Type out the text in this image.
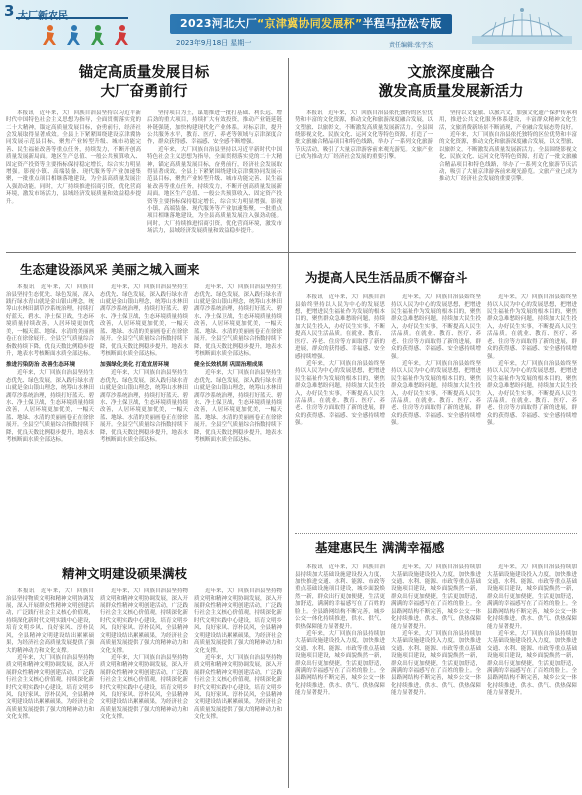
3
2023河北大厂“京津冀协同发展杯”半程马拉松专版
2023年9月18日 星期一	责任编辑:张宇杰
锚定高质量发展目标
大厂奋勇前行
本报讯　 近年来，大厂回族自治县坚持以习近平新时代中国特色社会主义思想为指导，全面贯彻落实党的二十大精神，锚定高质量发展目标，奋勇前行，经济社会发展取得显著成效。全县上下紧紧围绕建设京津冀协同发展示范县目标，聚焦产业转型升级、城市功能完善、民生福祉改善等重点任务，持续发力，不断开创高质量发展新局面。地区生产总值、一般公共预算收入、固定资产投资等主要指标保持稳定增长，综合实力明显增强。影视小镇、高端装备、现代服务等产业加速集聚，一批重点项目相继落地建设，为全县高质量发展注入强劲动能。同时，大厂持续推进招商引资，优化营商环境，激发市场活力，县域经济发展质量和效益稳步提升。
坚持项目为王，谋划推进一批打基础、利长远、增后劲的重大项目，持续扩大有效投资，推动产业链延链补链强链，加快构建现代化产业体系。对标京津，提升公共服务水平，教育、医疗、养老等领域与京津深度合作，群众获得感、幸福感、安全感不断增强。
近年来，大厂回族自治县坚持以习近平新时代中国特色社会主义思想为指导，全面贯彻落实党的二十大精神，锚定高质量发展目标，奋勇前行，经济社会发展取得显著成效。全县上下紧紧围绕建设京津冀协同发展示范县目标，聚焦产业转型升级、城市功能完善、民生福祉改善等重点任务，持续发力，不断开创高质量发展新局面。地区生产总值、一般公共预算收入、固定资产投资等主要指标保持稳定增长，综合实力明显增强。影视小镇、高端装备、现代服务等产业加速集聚，一批重点项目相继落地建设，为全县高质量发展注入强劲动能。同时，大厂持续推进招商引资，优化营商环境，激发市场活力，县域经济发展质量和效益稳步提升。
文旅深度融合
激发高质量发展新活力
本报讯　 近年来，大厂回族自治县依托独特的区位优势和丰富的文化资源，推动文化和旅游深度融合发展，以文塑旅、以旅彰文，不断激发高质量发展新活力。全县围绕影视文化、民族文化、运河文化等特色资源，打造了一批文旅融合精品项目和特色线路，举办了一系列文化旅游节庆活动，吸引了大量京津游客前来观光游览。文旅产业已成为推动大厂经济社会发展的重要引擎。
坚持以文促旅、以旅兴文，加强文化遗产保护传承利用，推进公共文化服务体系建设，丰富群众精神文化生活，文旅消费新场景不断涌现，产业融合发展态势良好。
近年来，大厂回族自治县依托独特的区位优势和丰富的文化资源，推动文化和旅游深度融合发展，以文塑旅、以旅彰文，不断激发高质量发展新活力。全县围绕影视文化、民族文化、运河文化等特色资源，打造了一批文旅融合精品项目和特色线路，举办了一系列文化旅游节庆活动，吸引了大量京津游客前来观光游览。文旅产业已成为推动大厂经济社会发展的重要引擎。
生态建设添风采 美丽之城入画来
本报讯　 近年来，大厂回族自治县坚持生态优先、绿色发展，深入践行绿水青山就是金山银山理念，统筹山水林田湖草沙系统治理，持续打好蓝天、碧水、净土保卫战，生态环境质量持续改善，人居环境更加优美，一幅天蓝、地绿、水清的美丽画卷正在徐徐展开。全县空气质量综合指数持续下降，优良天数比例稳步提升，地表水考核断面水质全部达标。
推进污染防治 改善生态环境
近年来，大厂回族自治县坚持生态优先、绿色发展，深入践行绿水青山就是金山银山理念，统筹山水林田湖草沙系统治理，持续打好蓝天、碧水、净土保卫战，生态环境质量持续改善，人居环境更加优美，一幅天蓝、地绿、水清的美丽画卷正在徐徐展开。全县空气质量综合指数持续下降，优良天数比例稳步提升，地表水考核断面水质全部达标。
近年来，大厂回族自治县坚持生态优先、绿色发展，深入践行绿水青山就是金山银山理念，统筹山水林田湖草沙系统治理，持续打好蓝天、碧水、净土保卫战，生态环境质量持续改善，人居环境更加优美，一幅天蓝、地绿、水清的美丽画卷正在徐徐展开。全县空气质量综合指数持续下降，优良天数比例稳步提升，地表水考核断面水质全部达标。
加强绿化美化 打造宜居环境
近年来，大厂回族自治县坚持生态优先、绿色发展，深入践行绿水青山就是金山银山理念，统筹山水林田湖草沙系统治理，持续打好蓝天、碧水、净土保卫战，生态环境质量持续改善，人居环境更加优美，一幅天蓝、地绿、水清的美丽画卷正在徐徐展开。全县空气质量综合指数持续下降，优良天数比例稳步提升，地表水考核断面水质全部达标。
近年来，大厂回族自治县坚持生态优先、绿色发展，深入践行绿水青山就是金山银山理念，统筹山水林田湖草沙系统治理，持续打好蓝天、碧水、净土保卫战，生态环境质量持续改善，人居环境更加优美，一幅天蓝、地绿、水清的美丽画卷正在徐徐展开。全县空气质量综合指数持续下降，优良天数比例稳步提升，地表水考核断面水质全部达标。
健全长效机制 巩固治理成果
近年来，大厂回族自治县坚持生态优先、绿色发展，深入践行绿水青山就是金山银山理念，统筹山水林田湖草沙系统治理，持续打好蓝天、碧水、净土保卫战，生态环境质量持续改善，人居环境更加优美，一幅天蓝、地绿、水清的美丽画卷正在徐徐展开。全县空气质量综合指数持续下降，优良天数比例稳步提升，地表水考核断面水质全部达标。
为提高人民生活品质不懈奋斗
本报讯　 近年来，大厂回族自治县始终坚持以人民为中心的发展思想，把增进民生福祉作为发展的根本目的，聚焦群众急难愁盼问题，持续加大民生投入，办好民生实事，不断提高人民生活品质。在就业、教育、医疗、养老、住房等方面取得了新的进展，群众的获得感、幸福感、安全感持续增强。
近年来，大厂回族自治县始终坚持以人民为中心的发展思想，把增进民生福祉作为发展的根本目的，聚焦群众急难愁盼问题，持续加大民生投入，办好民生实事，不断提高人民生活品质。在就业、教育、医疗、养老、住房等方面取得了新的进展，群众的获得感、幸福感、安全感持续增强。
近年来，大厂回族自治县始终坚持以人民为中心的发展思想，把增进民生福祉作为发展的根本目的，聚焦群众急难愁盼问题，持续加大民生投入，办好民生实事，不断提高人民生活品质。在就业、教育、医疗、养老、住房等方面取得了新的进展，群众的获得感、幸福感、安全感持续增强。
近年来，大厂回族自治县始终坚持以人民为中心的发展思想，把增进民生福祉作为发展的根本目的，聚焦群众急难愁盼问题，持续加大民生投入，办好民生实事，不断提高人民生活品质。在就业、教育、医疗、养老、住房等方面取得了新的进展，群众的获得感、幸福感、安全感持续增强。
近年来，大厂回族自治县始终坚持以人民为中心的发展思想，把增进民生福祉作为发展的根本目的，聚焦群众急难愁盼问题，持续加大民生投入，办好民生实事，不断提高人民生活品质。在就业、教育、医疗、养老、住房等方面取得了新的进展，群众的获得感、幸福感、安全感持续增强。
近年来，大厂回族自治县始终坚持以人民为中心的发展思想，把增进民生福祉作为发展的根本目的，聚焦群众急难愁盼问题，持续加大民生投入，办好民生实事，不断提高人民生活品质。在就业、教育、医疗、养老、住房等方面取得了新的进展，群众的获得感、幸福感、安全感持续增强。
精神文明建设硕果满枝
本报讯　 近年来，大厂回族自治县坚持物质文明和精神文明协调发展，深入开展群众性精神文明创建活动，广泛践行社会主义核心价值观，持续深化新时代文明实践中心建设，培育文明乡风、良好家风、淳朴民风，全县精神文明建设结出累累硕果，为经济社会高质量发展提供了强大的精神动力和文化支撑。
近年来，大厂回族自治县坚持物质文明和精神文明协调发展，深入开展群众性精神文明创建活动，广泛践行社会主义核心价值观，持续深化新时代文明实践中心建设，培育文明乡风、良好家风、淳朴民风，全县精神文明建设结出累累硕果，为经济社会高质量发展提供了强大的精神动力和文化支撑。
近年来，大厂回族自治县坚持物质文明和精神文明协调发展，深入开展群众性精神文明创建活动，广泛践行社会主义核心价值观，持续深化新时代文明实践中心建设，培育文明乡风、良好家风、淳朴民风，全县精神文明建设结出累累硕果，为经济社会高质量发展提供了强大的精神动力和文化支撑。
近年来，大厂回族自治县坚持物质文明和精神文明协调发展，深入开展群众性精神文明创建活动，广泛践行社会主义核心价值观，持续深化新时代文明实践中心建设，培育文明乡风、良好家风、淳朴民风，全县精神文明建设结出累累硕果，为经济社会高质量发展提供了强大的精神动力和文化支撑。
近年来，大厂回族自治县坚持物质文明和精神文明协调发展，深入开展群众性精神文明创建活动，广泛践行社会主义核心价值观，持续深化新时代文明实践中心建设，培育文明乡风、良好家风、淳朴民风，全县精神文明建设结出累累硕果，为经济社会高质量发展提供了强大的精神动力和文化支撑。
近年来，大厂回族自治县坚持物质文明和精神文明协调发展，深入开展群众性精神文明创建活动，广泛践行社会主义核心价值观，持续深化新时代文明实践中心建设，培育文明乡风、良好家风、淳朴民风，全县精神文明建设结出累累硕果，为经济社会高质量发展提供了强大的精神动力和文化支撑。
基建惠民生 满满幸福感
本报讯　 近年来，大厂回族自治县持续加大基础设施建设投入力度，加快推进交通、水利、能源、市政等重点基础设施项目建设，城乡面貌焕然一新，群众出行更加便捷，生活更加舒适，满满的幸福感写在了百姓的脸上。全县路网结构不断完善，城乡公交一体化持续推进，供水、供气、供热保障能力显著提升。
近年来，大厂回族自治县持续加大基础设施建设投入力度，加快推进交通、水利、能源、市政等重点基础设施项目建设，城乡面貌焕然一新，群众出行更加便捷，生活更加舒适，满满的幸福感写在了百姓的脸上。全县路网结构不断完善，城乡公交一体化持续推进，供水、供气、供热保障能力显著提升。
近年来，大厂回族自治县持续加大基础设施建设投入力度，加快推进交通、水利、能源、市政等重点基础设施项目建设，城乡面貌焕然一新，群众出行更加便捷，生活更加舒适，满满的幸福感写在了百姓的脸上。全县路网结构不断完善，城乡公交一体化持续推进，供水、供气、供热保障能力显著提升。
近年来，大厂回族自治县持续加大基础设施建设投入力度，加快推进交通、水利、能源、市政等重点基础设施项目建设，城乡面貌焕然一新，群众出行更加便捷，生活更加舒适，满满的幸福感写在了百姓的脸上。全县路网结构不断完善，城乡公交一体化持续推进，供水、供气、供热保障能力显著提升。
近年来，大厂回族自治县持续加大基础设施建设投入力度，加快推进交通、水利、能源、市政等重点基础设施项目建设，城乡面貌焕然一新，群众出行更加便捷，生活更加舒适，满满的幸福感写在了百姓的脸上。全县路网结构不断完善，城乡公交一体化持续推进，供水、供气、供热保障能力显著提升。
近年来，大厂回族自治县持续加大基础设施建设投入力度，加快推进交通、水利、能源、市政等重点基础设施项目建设，城乡面貌焕然一新，群众出行更加便捷，生活更加舒适，满满的幸福感写在了百姓的脸上。全县路网结构不断完善，城乡公交一体化持续推进，供水、供气、供热保障能力显著提升。
